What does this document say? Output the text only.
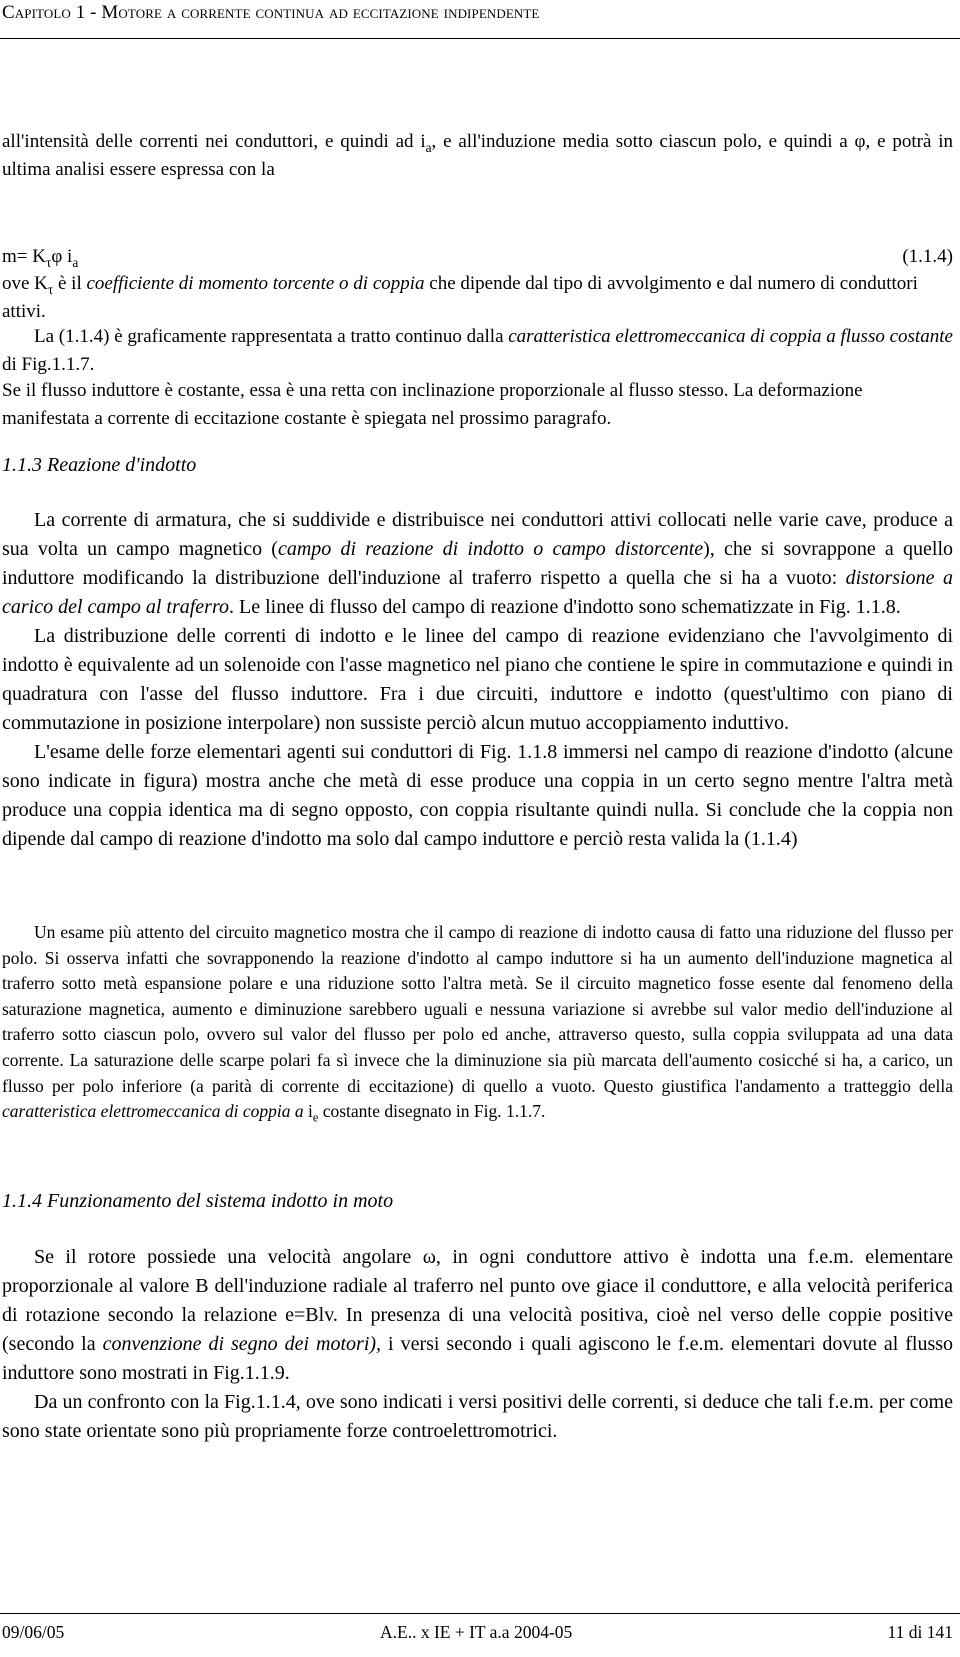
Capitolo 1 - Motore a corrente continua ad eccitazione indipendente

all'intensità delle correnti nei conduttori, e quindi ad $i_a$, e all'induzione media sotto ciascun polo, e quindi a φ, e potrà in ultima analisi essere espressa con la

$m= K_\tau\varphi$ $i_a$	(1.1.4)

ove $K_\tau$ è il coefficiente di momento torcente o di coppia che dipende dal tipo di avvolgimento e dal numero di conduttori attivi.

La (1.1.4) è graficamente rappresentata a tratto continuo dalla caratteristica elettromeccanica di coppia a flusso costante di Fig.1.1.7.

Se il flusso induttore è costante, essa è una retta con inclinazione proporzionale al flusso stesso. La deformazione manifestata a corrente di eccitazione costante è spiegata nel prossimo paragrafo.

1.1.3 Reazione d'indotto

La corrente di armatura, che si suddivide e distribuisce nei conduttori attivi collocati nelle varie cave, produce a sua volta un campo magnetico (campo di reazione di indotto o campo distorcente), che si sovrappone a quello induttore modificando la distribuzione dell'induzione al traferro rispetto a quella che si ha a vuoto: distorsione a carico del campo al traferro. Le linee di flusso del campo di reazione d'indotto sono schematizzate in Fig. 1.1.8.

La distribuzione delle correnti di indotto e le linee del campo di reazione evidenziano che l'avvolgimento di indotto è equivalente ad un solenoide con l'asse magnetico nel piano che contiene le spire in commutazione e quindi in quadratura con l'asse del flusso induttore. Fra i due circuiti, induttore e indotto (quest'ultimo con piano di commutazione in posizione interpolare) non sussiste perciò alcun mutuo accoppiamento induttivo.

L'esame delle forze elementari agenti sui conduttori di Fig. 1.1.8 immersi nel campo di reazione d'indotto (alcune sono indicate in figura) mostra anche che metà di esse produce una coppia in un certo segno mentre l'altra metà produce una coppia identica ma di segno opposto, con coppia risultante quindi nulla. Si conclude che la coppia non dipende dal campo di reazione d'indotto ma solo dal campo induttore e perciò resta valida la (1.1.4)

Un esame più attento del circuito magnetico mostra che il campo di reazione di indotto causa di fatto una riduzione del flusso per polo. Si osserva infatti che sovrapponendo la reazione d'indotto al campo induttore si ha un aumento dell'induzione magnetica al traferro sotto metà espansione polare e una riduzione sotto l'altra metà. Se il circuito magnetico fosse esente dal fenomeno della saturazione magnetica, aumento e diminuzione sarebbero uguali e nessuna variazione si avrebbe sul valor medio dell'induzione al traferro sotto ciascun polo, ovvero sul valor del flusso per polo ed anche, attraverso questo, sulla coppia sviluppata ad una data corrente. La saturazione delle scarpe polari fa sì invece che la diminuzione sia più marcata dell'aumento cosicché si ha, a carico, un flusso per polo inferiore (a parità di corrente di eccitazione) di quello a vuoto. Questo giustifica l'andamento a tratteggio della caratteristica elettromeccanica di coppia a $i_e$ costante disegnato in Fig. 1.1.7.

1.1.4 Funzionamento del sistema indotto in moto

Se il rotore possiede una velocità angolare ω, in ogni conduttore attivo è indotta una f.e.m. elementare proporzionale al valore B dell'induzione radiale al traferro nel punto ove giace il conduttore, e alla velocità periferica di rotazione secondo la relazione e=Blv. In presenza di una velocità positiva, cioè nel verso delle coppie positive (secondo la convenzione di segno dei motori), i versi secondo i quali agiscono le f.e.m. elementari dovute al flusso induttore sono mostrati in Fig.1.1.9.

Da un confronto con la Fig.1.1.4, ove sono indicati i versi positivi delle correnti, si deduce che tali f.e.m. per come sono state orientate sono più propriamente forze controelettromotrici.

09/06/05	A.E.. x IE + IT a.a 2004-05	11 di 141
